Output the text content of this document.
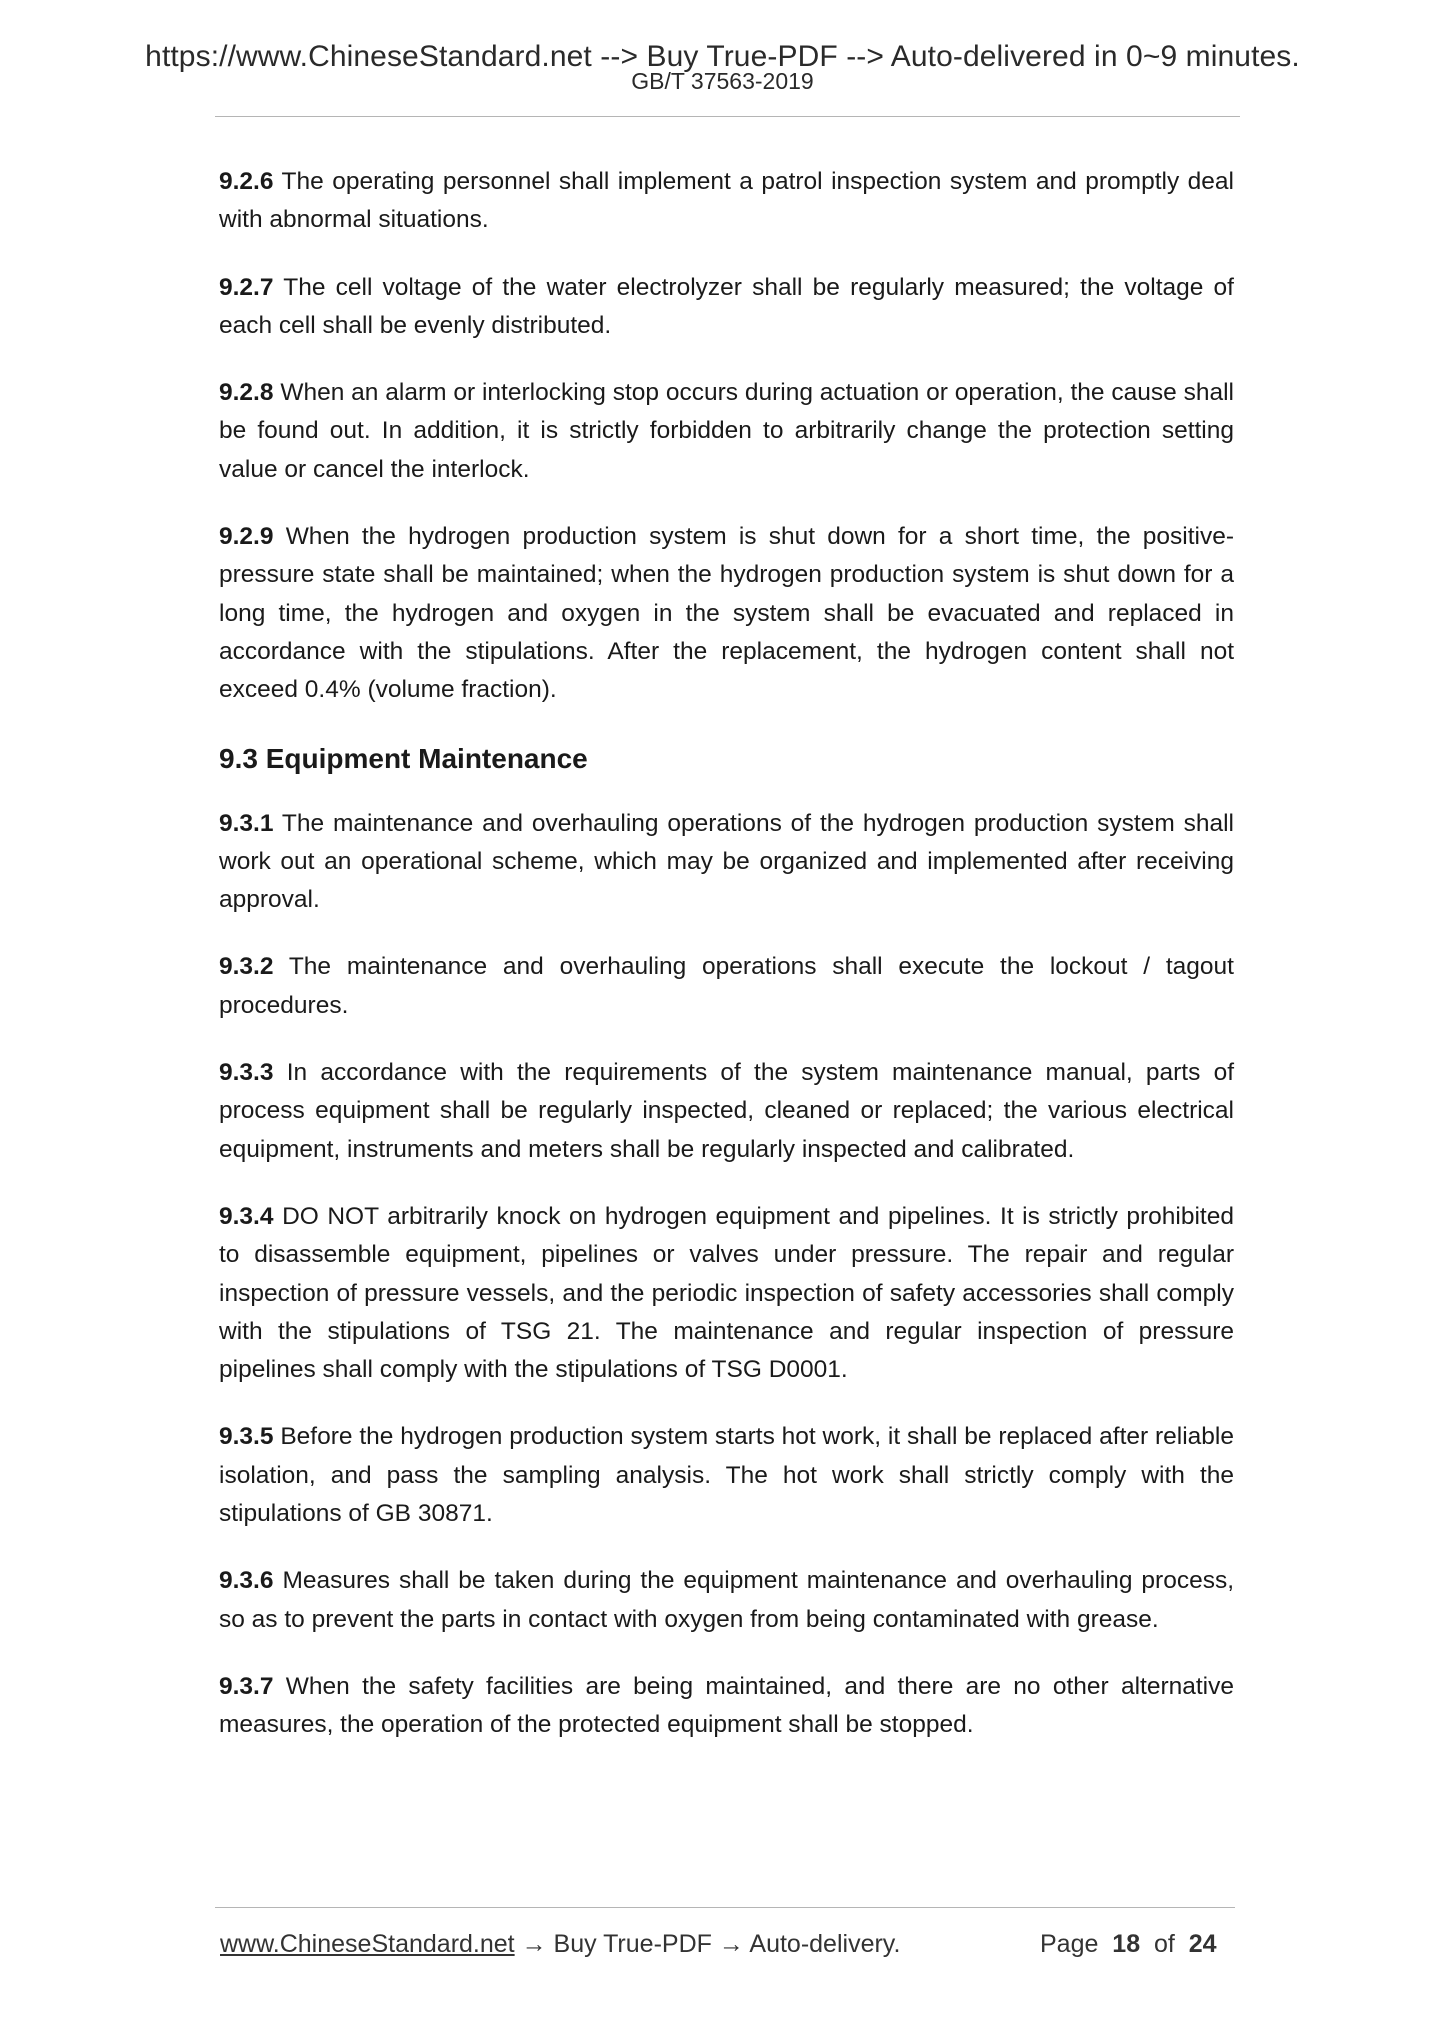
https://www.ChineseStandard.net --> Buy True-PDF --> Auto-delivered in 0~9 minutes.
GB/T 37563-2019

9.2.6 The operating personnel shall implement a patrol inspection system and promptly deal with abnormal situations.

9.2.7 The cell voltage of the water electrolyzer shall be regularly measured; the voltage of each cell shall be evenly distributed.

9.2.8 When an alarm or interlocking stop occurs during actuation or operation, the cause shall be found out. In addition, it is strictly forbidden to arbitrarily change the protection setting value or cancel the interlock.

9.2.9 When the hydrogen production system is shut down for a short time, the positive-pressure state shall be maintained; when the hydrogen production system is shut down for a long time, the hydrogen and oxygen in the system shall be evacuated and replaced in accordance with the stipulations. After the replacement, the hydrogen content shall not exceed 0.4% (volume fraction).

9.3 Equipment Maintenance

9.3.1 The maintenance and overhauling operations of the hydrogen production system shall work out an operational scheme, which may be organized and implemented after receiving approval.

9.3.2 The maintenance and overhauling operations shall execute the lockout / tagout procedures.

9.3.3 In accordance with the requirements of the system maintenance manual, parts of process equipment shall be regularly inspected, cleaned or replaced; the various electrical equipment, instruments and meters shall be regularly inspected and calibrated.

9.3.4 DO NOT arbitrarily knock on hydrogen equipment and pipelines. It is strictly prohibited to disassemble equipment, pipelines or valves under pressure. The repair and regular inspection of pressure vessels, and the periodic inspection of safety accessories shall comply with the stipulations of TSG 21. The maintenance and regular inspection of pressure pipelines shall comply with the stipulations of TSG D0001.

9.3.5 Before the hydrogen production system starts hot work, it shall be replaced after reliable isolation, and pass the sampling analysis. The hot work shall strictly comply with the stipulations of GB 30871.

9.3.6 Measures shall be taken during the equipment maintenance and overhauling process, so as to prevent the parts in contact with oxygen from being contaminated with grease.

9.3.7 When the safety facilities are being maintained, and there are no other alternative measures, the operation of the protected equipment shall be stopped.

www.ChineseStandard.net → Buy True-PDF → Auto-delivery.	Page 18 of 24
